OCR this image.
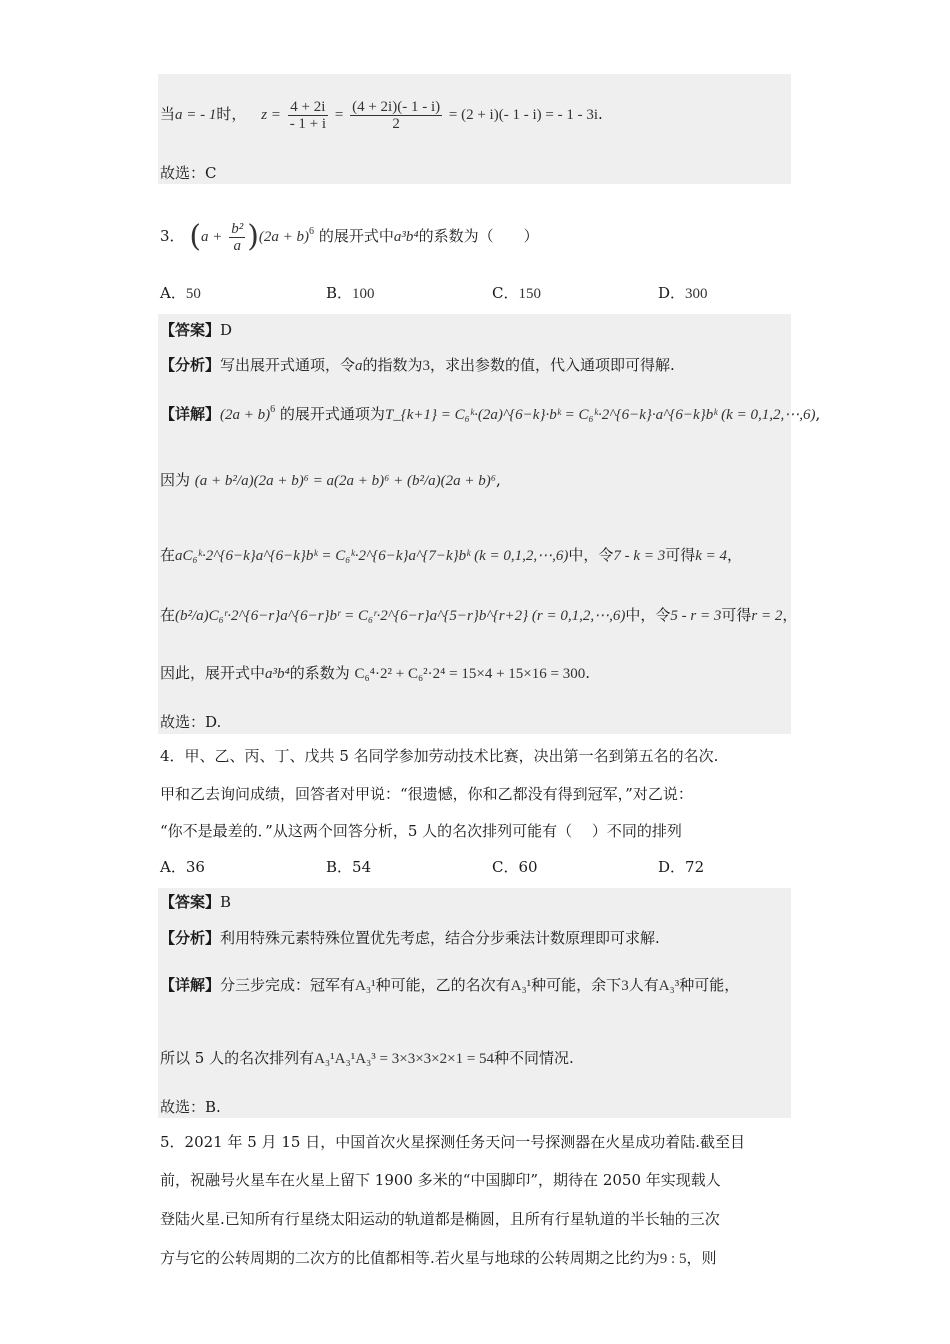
当a = - 1时， $z = \frac{4 + 2i}{- 1 + i} = \frac{(4 + 2i)(- 1 - i)}{2} = (2 + i)(-$ 1 - i) = - 1 - 3i.
故选：C
3． $(a + \frac{\text{b²}}{a} )(2a + b)^6$ 的展开式中a³b⁴的系数为（　　）
A．50	B．100	C．150	D．300
【答案】D
【分析】写出展开式通项，令a的指数为3，求出参数的值，代入通项即可得解.
【详解】$(2a + b)^6$ 的展开式通项为T_{k+1} = C₆ᵏ·(2a)^{6−k}·bᵏ = C₆ᵏ·2^{6−k}·a^{6−k}bᵏ (k = 0,1,2,⋯,6),
因为 (a + b²/a)(2a + b)⁶ = a(2a + b)⁶ + (b²/a)(2a + b)⁶,
在aC₆ᵏ·2^{6−k}a^{6−k}bᵏ = C₆ᵏ·2^{6−k}a^{7−k}bᵏ (k = 0,1,2,⋯,6)中，令7 - k = 3可得k = 4，
在(b²/a)C₆ʳ·2^{6−r}a^{6−r}bʳ = C₆ʳ·2^{6−r}a^{5−r}b^{r+2} (r = 0,1,2,⋯,6)中，令5 - r = 3可得r = 2，
因此，展开式中a³b⁴的系数为 C₆⁴·2² + C₆²·2⁴ = 15×4 + 15×16 = 300.
故选：D.
4．甲、乙、丙、丁、戊共 5 名同学参加劳动技术比赛，决出第一名到第五名的名次.
甲和乙去询问成绩，回答者对甲说：“很遗憾，你和乙都没有得到冠军，”对乙说：
“你不是最差的．”从这两个回答分析，5 人的名次排列可能有（　 ）不同的排列
A．36	B．54	C．60	D．72
【答案】B
【分析】利用特殊元素特殊位置优先考虑，结合分步乘法计数原理即可求解.
【详解】分三步完成：冠军有A₃¹种可能，乙的名次有A₃¹种可能，余下3人有A₃³种可能，
所以 5 人的名次排列有A₃¹A₃¹A₃³ = 3×3×3×2×1 = 54种不同情况.
故选：B.
5．2021 年 5 月 15 日，中国首次火星探测任务天问一号探测器在火星成功着陆.截至目
前，祝融号火星车在火星上留下 1900 多米的“中国脚印”，期待在 2050 年实现载人
登陆火星.已知所有行星绕太阳运动的轨道都是椭圆，且所有行星轨道的半长轴的三次
方与它的公转周期的二次方的比值都相等.若火星与地球的公转周期之比约为9 : 5，则
